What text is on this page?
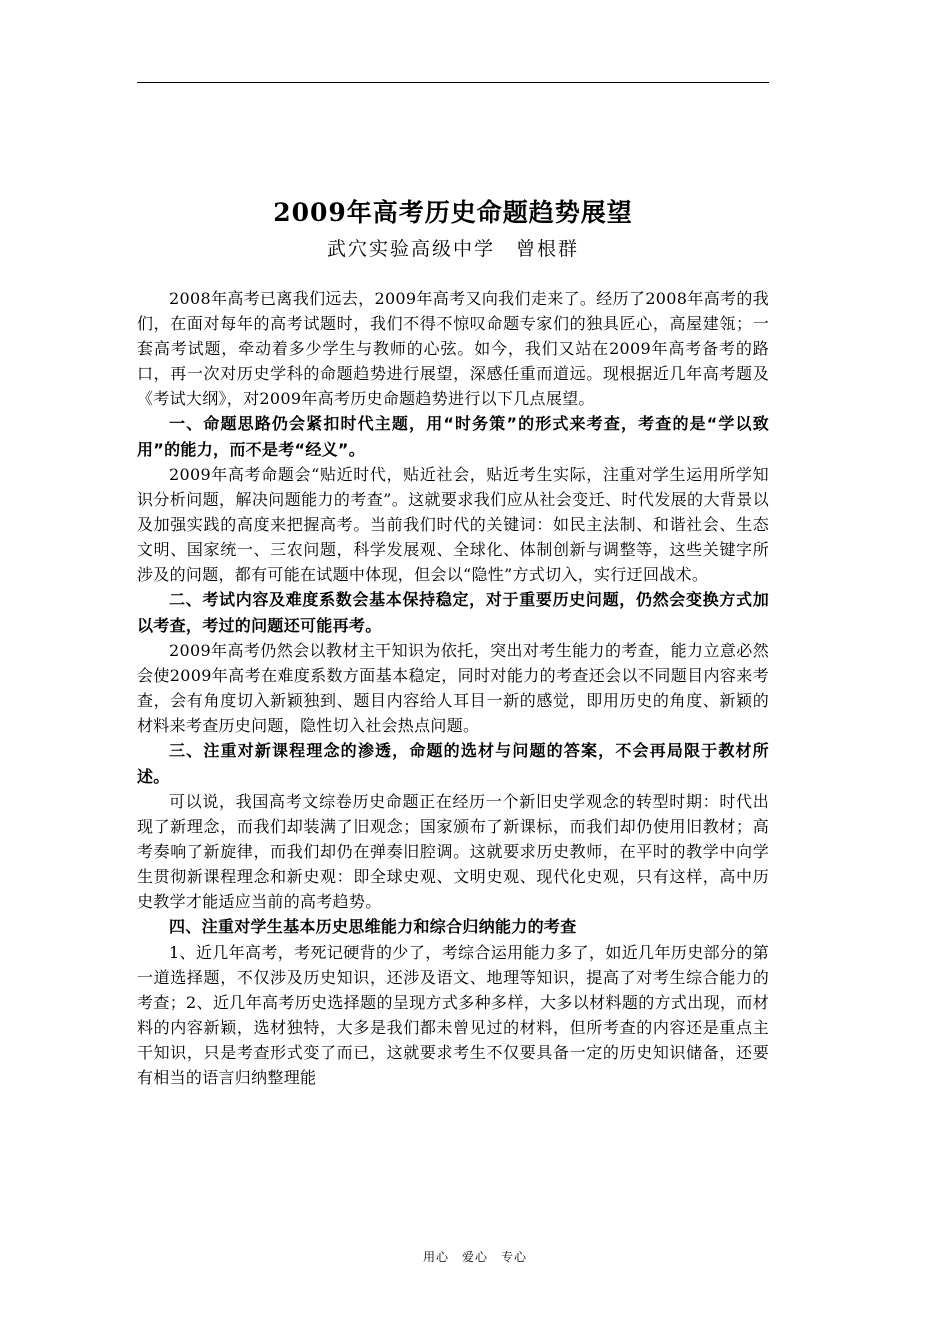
2009年高考历史命题趋势展望
武穴实验高级中学　曾根群

2008年高考已离我们远去，2009年高考又向我们走来了。经历了2008年高考的我们，在面对每年的高考试题时，我们不得不惊叹命题专家们的独具匠心，高屋建瓴；一套高考试题，牵动着多少学生与教师的心弦。如今，我们又站在2009年高考备考的路口，再一次对历史学科的命题趋势进行展望，深感任重而道远。现根据近几年高考题及《考试大纲》，对2009年高考历史命题趋势进行以下几点展望。

一、命题思路仍会紧扣时代主题，用“时务策”的形式来考查，考查的是“学以致用”的能力，而不是考“经义”。

2009年高考命题会“贴近时代，贴近社会，贴近考生实际，注重对学生运用所学知识分析问题，解决问题能力的考查”。这就要求我们应从社会变迁、时代发展的大背景以及加强实践的高度来把握高考。当前我们时代的关键词：如民主法制、和谐社会、生态文明、国家统一、三农问题，科学发展观、全球化、体制创新与调整等，这些关键字所涉及的问题，都有可能在试题中体现，但会以“隐性”方式切入，实行迂回战术。

二、考试内容及难度系数会基本保持稳定，对于重要历史问题，仍然会变换方式加以考查，考过的问题还可能再考。

2009年高考仍然会以教材主干知识为依托，突出对考生能力的考查，能力立意必然会使2009年高考在难度系数方面基本稳定，同时对能力的考查还会以不同题目内容来考查，会有角度切入新颖独到、题目内容给人耳目一新的感觉，即用历史的角度、新颖的材料来考查历史问题，隐性切入社会热点问题。

三、注重对新课程理念的渗透，命题的选材与问题的答案，不会再局限于教材所述。

可以说，我国高考文综卷历史命题正在经历一个新旧史学观念的转型时期：时代出现了新理念，而我们却装满了旧观念；国家颁布了新课标，而我们却仍使用旧教材；高考奏响了新旋律，而我们却仍在弹奏旧腔调。这就要求历史教师，在平时的教学中向学生贯彻新课程理念和新史观：即全球史观、文明史观、现代化史观，只有这样，高中历史教学才能适应当前的高考趋势。

四、注重对学生基本历史思维能力和综合归纳能力的考查

1、近几年高考，考死记硬背的少了，考综合运用能力多了，如近几年历史部分的第一道选择题，不仅涉及历史知识，还涉及语文、地理等知识，提高了对考生综合能力的考查；2、近几年高考历史选择题的呈现方式多种多样，大多以材料题的方式出现，而材料的内容新颖，选材独特，大多是我们都未曾见过的材料，但所考查的内容还是重点主干知识，只是考查形式变了而已，这就要求考生不仅要具备一定的历史知识储备，还要有相当的语言归纳整理能

用心　爱心　专心
